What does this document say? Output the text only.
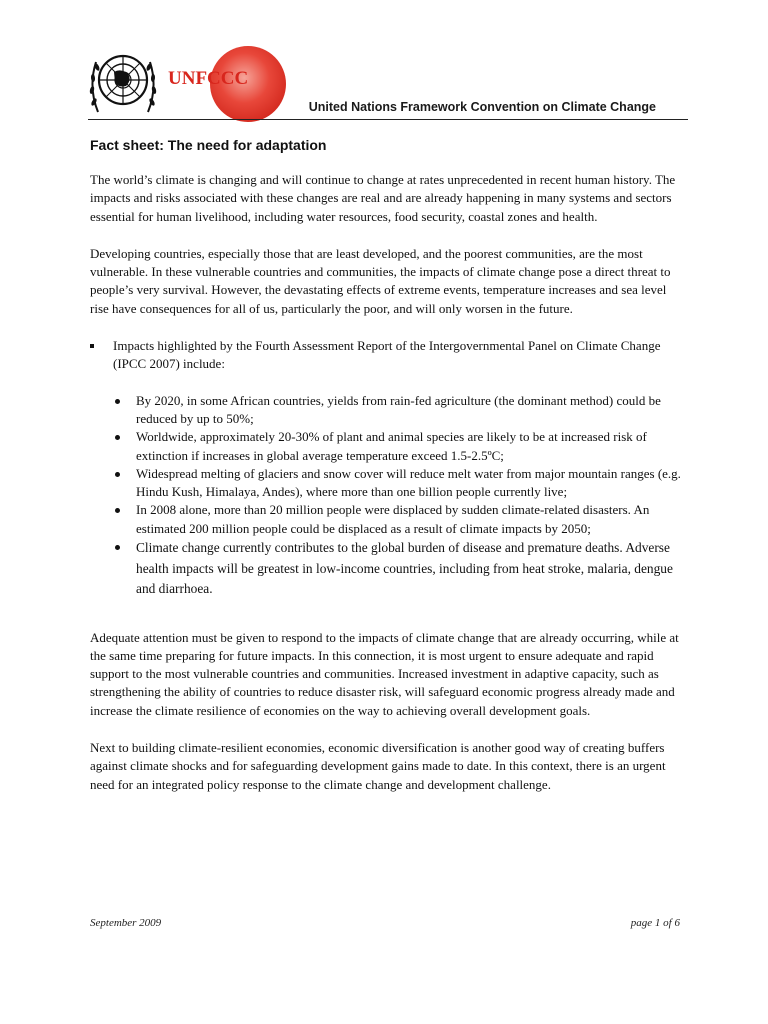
UNFCCC
United Nations Framework Convention on Climate Change
Fact sheet: The need for adaptation

The world’s climate is changing and will continue to change at rates unprecedented in recent human history. The impacts and risks associated with these changes are real and are already happening in many systems and sectors essential for human livelihood, including water resources, food security, coastal zones and health.

Developing countries, especially those that are least developed, and the poorest communities, are the most vulnerable. In these vulnerable countries and communities, the impacts of climate change pose a direct threat to people’s very survival. However, the devastating effects of extreme events, temperature increases and sea level rise have consequences for all of us, particularly the poor, and will only worsen in the future.

Impacts highlighted by the Fourth Assessment Report of the Intergovernmental Panel on Climate Change (IPCC 2007) include:
By 2020, in some African countries, yields from rain-fed agriculture (the dominant method) could be reduced by up to 50%;
Worldwide, approximately 20-30% of plant and animal species are likely to be at increased risk of extinction if increases in global average temperature exceed 1.5-2.5ºC;
Widespread melting of glaciers and snow cover will reduce melt water from major mountain ranges (e.g. Hindu Kush, Himalaya, Andes), where more than one billion people currently live;
In 2008 alone, more than 20 million people were displaced by sudden climate-related disasters. An estimated 200 million people could be displaced as a result of climate impacts by 2050;
Climate change currently contributes to the global burden of disease and premature deaths. Adverse health impacts will be greatest in low-income countries, including from heat stroke, malaria, dengue and diarrhoea.

Adequate attention must be given to respond to the impacts of climate change that are already occurring, while at the same time preparing for future impacts. In this connection, it is most urgent to ensure adequate and rapid support to the most vulnerable countries and communities. Increased investment in adaptive capacity, such as strengthening the ability of countries to reduce disaster risk, will safeguard economic progress already made and increase the climate resilience of economies on the way to achieving overall development goals.

Next to building climate-resilient economies, economic diversification is another good way of creating buffers against climate shocks and for safeguarding development gains made to date. In this context, there is an urgent need for an integrated policy response to the climate change and development challenge.

September 2009	page 1 of 6
